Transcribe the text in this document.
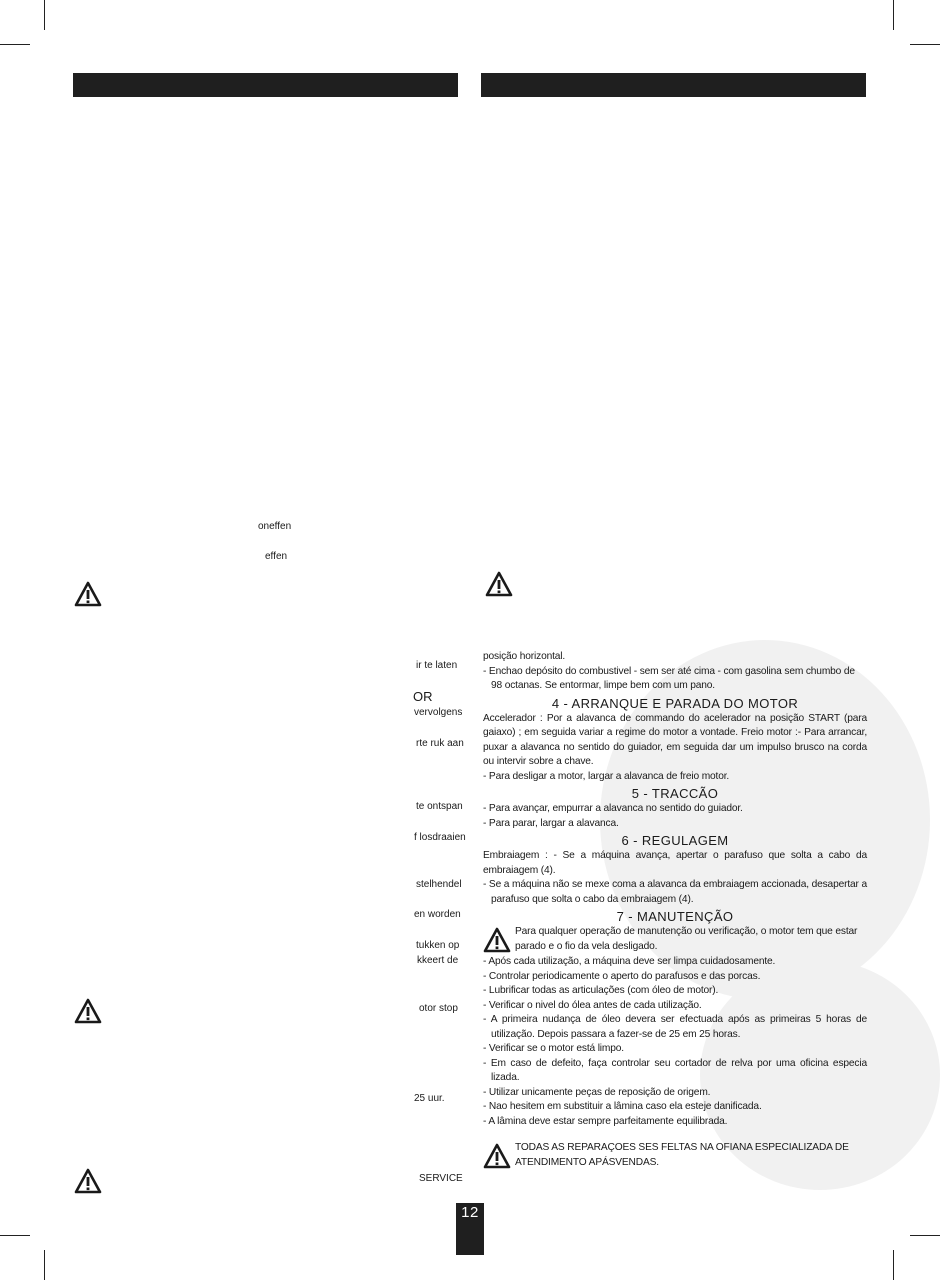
oneffen
effen
ir te laten
OR
vervolgens
rte ruk aan
te ontspan
f losdraaien
stelhendel
en worden
tukken op
kkeert de
otor stop
25 uur.
SERVICE

posição horizontal.

- Enchao depósito do combustivel - sem ser até cima - com gasolina sem chumbo de 98 octanas. Se entormar, limpe bem com um pano.

4 - ARRANQUE E PARADA DO MOTOR

Accelerador : Por a alavanca de commando do acelerador na posição START (para gaiaxo) ; em seguida variar a regime do motor a vontade. Freio motor :- Para arrancar, puxar a alavanca no sentido do guiador, em seguida dar um impulso brusco na corda ou intervir sobre a chave.

- Para desligar a motor, largar a alavanca de freio motor.

5 - TRACCÃO

- Para avançar, empurrar a alavanca no sentido do guiador.

- Para parar, largar a alavanca.

6 - REGULAGEM

Embraiagem : - Se a máquina avança, apertar o parafuso que solta a cabo da embraiagem (4).

- Se a máquina não se mexe coma a alavanca da embraiagem accionada, desapertar a parafuso que solta o cabo da embraiagem (4).

7 - MANUTENÇÃO

Para qualquer operação de manutenção ou verificação, o motor tem que estar parado e o fio da vela desligado.

- Após cada utilização, a máquina deve ser limpa cuidadosamente.

- Controlar periodicamente o aperto do parafusos e das porcas.

- Lubrificar todas as articulações (com óleo de motor).

- Verificar o nivel do ólea antes de cada utilização.

- A primeira nudança de óleo devera ser efectuada após as primeiras 5 horas de utilização. Depois passara a fazer-se de 25 em 25 horas.

- Verificar se o motor está limpo.

- Em caso de defeito, faça controlar seu cortador de relva por uma oficina especia lizada.

- Utilizar unicamente peças de reposição de origem.

- Nao hesitem em substituir a lâmina caso ela esteje danificada.

- A lâmina deve estar sempre parfeitamente equilibrada.

TODAS AS REPARAÇOES SES FELTAS NA OFIANA ESPECIALIZADA DE ATENDIMENTO APÁSVENDAS.

12
